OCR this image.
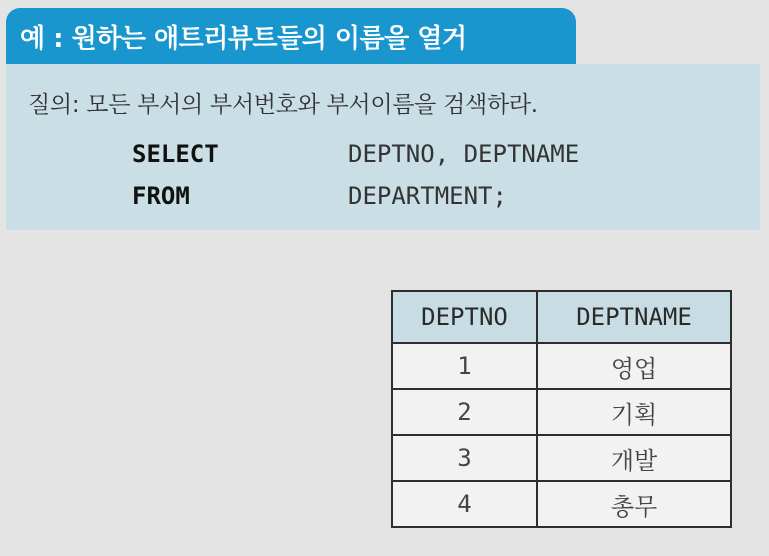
예 : 원하는 애트리뷰트들의 이름을 열거
질의: 모든 부서의 부서번호와 부서이름을 검색하라.
SELECT	DEPTNO, DEPTNAME
FROM	DEPARTMENT;
DEPTNO	DEPTNAME
1	영업
2	기획
3	개발
4	총무
